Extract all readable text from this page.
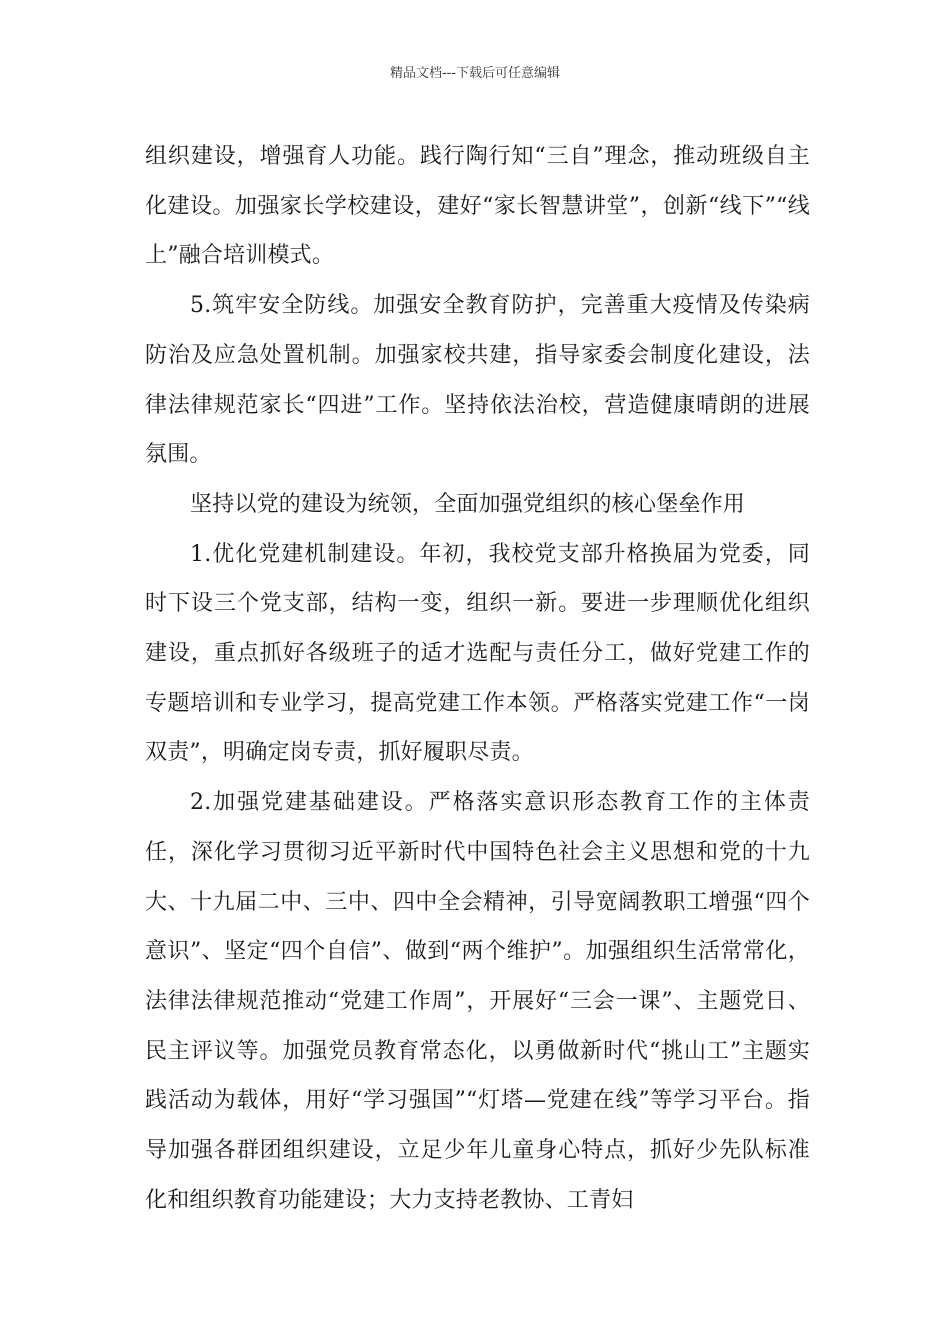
精品文档---下载后可任意编辑

组织建设，增强育人功能。践行陶行知“三自”理念，推动班级自主化建设。加强家长学校建设，建好“家长智慧讲堂”，创新“线下”“线上”融合培训模式。

5.筑牢安全防线。加强安全教育防护，完善重大疫情及传染病防治及应急处置机制。加强家校共建，指导家委会制度化建设，法律法律规范家长“四进”工作。坚持依法治校，营造健康晴朗的进展氛围。

坚持以党的建设为统领，全面加强党组织的核心堡垒作用

1.优化党建机制建设。年初，我校党支部升格换届为党委，同时下设三个党支部，结构一变，组织一新。要进一步理顺优化组织建设，重点抓好各级班子的适才选配与责任分工，做好党建工作的专题培训和专业学习，提高党建工作本领。严格落实党建工作“一岗双责”，明确定岗专责，抓好履职尽责。

2.加强党建基础建设。严格落实意识形态教育工作的主体责任，深化学习贯彻习近平新时代中国特色社会主义思想和党的十九大、十九届二中、三中、四中全会精神，引导宽阔教职工增强“四个意识”、坚定“四个自信”、做到“两个维护”。加强组织生活常常化，法律法律规范推动“党建工作周”，开展好“三会一课”、主题党日、民主评议等。加强党员教育常态化，以勇做新时代“挑山工”主题实践活动为载体，用好“学习强国”“灯塔—党建在线”等学习平台。指导加强各群团组织建设，立足少年儿童身心特点，抓好少先队标准化和组织教育功能建设；大力支持老教协、工青妇
